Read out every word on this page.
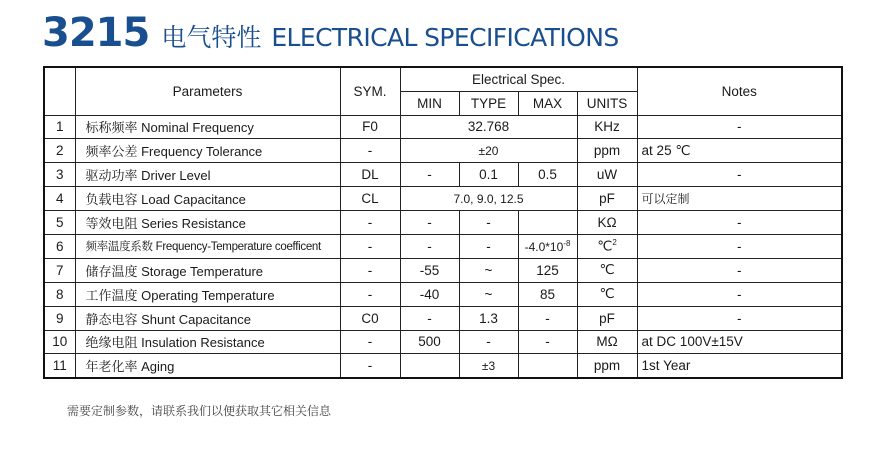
3215 电气特性 ELECTRICAL SPECIFICATIONS
	Parameters	SYM.	Electrical Spec.				Notes
			MIN	TYPE	MAX	UNITS	
1	标称频率 Nominal Frequency	F0	32.768			KHz	-
2	频率公差 Frequency Tolerance	-	±20			ppm	at 25 ℃
3	驱动功率 Driver Level	DL	-	0.1	0.5	uW	-
4	负载电容 Load Capacitance	CL	7.0, 9.0, 12.5			pF	可以定制
5	等效电阻 Series Resistance	-	-	-		KΩ	-
6	频率温度系数 Frequency-Temperature coefficent	-	-	-	$-4.0*10^{-8}$	℃$^2$	-
7	储存温度 Storage Temperature	-	-55	~	125	℃	-
8	工作温度 Operating Temperature	-	-40	~	85	℃	-
9	静态电容 Shunt Capacitance	C0	-	1.3	-	pF	-
10	绝缘电阻 Insulation Resistance	-	500	-	-	MΩ	at DC 100V±15V
11	年老化率 Aging	-		±3		ppm	1st Year
需要定制参数，请联系我们以便获取其它相关信息
